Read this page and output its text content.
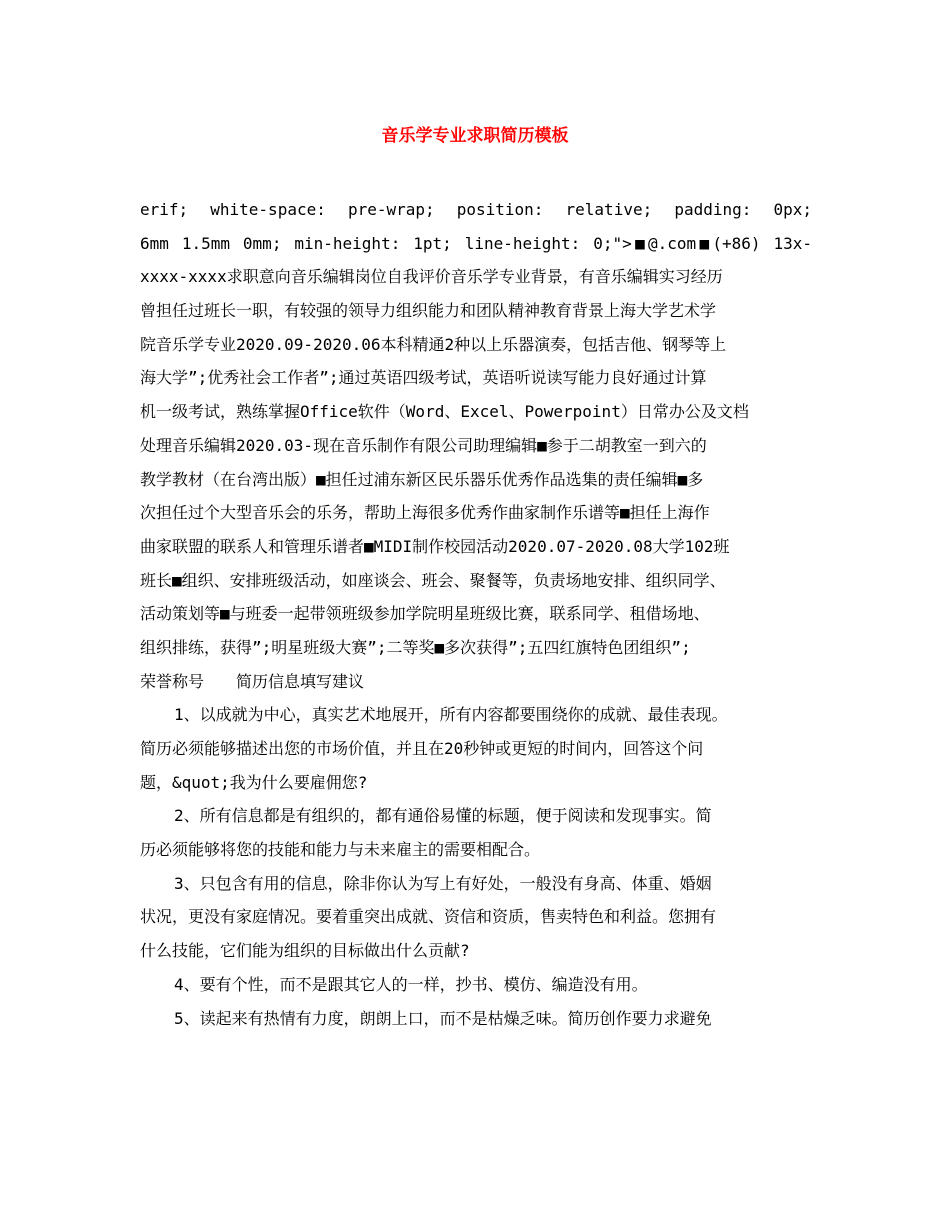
音乐学专业求职简历模板
erif; white-space: pre-wrap; position: relative; padding: 0px;
6mm 1.5mm 0mm; min-height: 1pt; line-height: 0;">■@.com■(+86) 13x-
xxxx-xxxx求职意向音乐编辑岗位自我评价音乐学专业背景，有音乐编辑实习经历
曾担任过班长一职，有较强的领导力组织能力和团队精神教育背景上海大学艺术学
院音乐学专业2020.09-2020.06本科精通2种以上乐器演奏，包括吉他、钢琴等上
海大学”;优秀社会工作者”;通过英语四级考试，英语听说读写能力良好通过计算
机一级考试，熟练掌握Office软件（Word、Excel、Powerpoint）日常办公及文档
处理音乐编辑2020.03-现在音乐制作有限公司助理编辑■参于二胡教室一到六的
教学教材（在台湾出版）■担任过浦东新区民乐器乐优秀作品选集的责任编辑■多
次担任过个大型音乐会的乐务，帮助上海很多优秀作曲家制作乐谱等■担任上海作
曲家联盟的联系人和管理乐谱者■MIDI制作校园活动2020.07-2020.08大学102班
班长■组织、安排班级活动，如座谈会、班会、聚餐等，负责场地安排、组织同学、
活动策划等■与班委一起带领班级参加学院明星班级比赛，联系同学、租借场地、
组织排练，获得”;明星班级大赛”;二等奖■多次获得”;五四红旗特色团组织”;
荣誉称号　　简历信息填写建议
1、以成就为中心，真实艺术地展开，所有内容都要围绕你的成就、最佳表现。
简历必须能够描述出您的市场价值，并且在20秒钟或更短的时间内，回答这个问
题，&quot;我为什么要雇佣您?
2、所有信息都是有组织的，都有通俗易懂的标题，便于阅读和发现事实。简
历必须能够将您的技能和能力与未来雇主的需要相配合。
3、只包含有用的信息，除非你认为写上有好处，一般没有身高、体重、婚姻
状况，更没有家庭情况。要着重突出成就、资信和资质，售卖特色和利益。您拥有
什么技能，它们能为组织的目标做出什么贡献?
4、要有个性，而不是跟其它人的一样，抄书、模仿、编造没有用。
5、读起来有热情有力度，朗朗上口，而不是枯燥乏味。简历创作要力求避免
